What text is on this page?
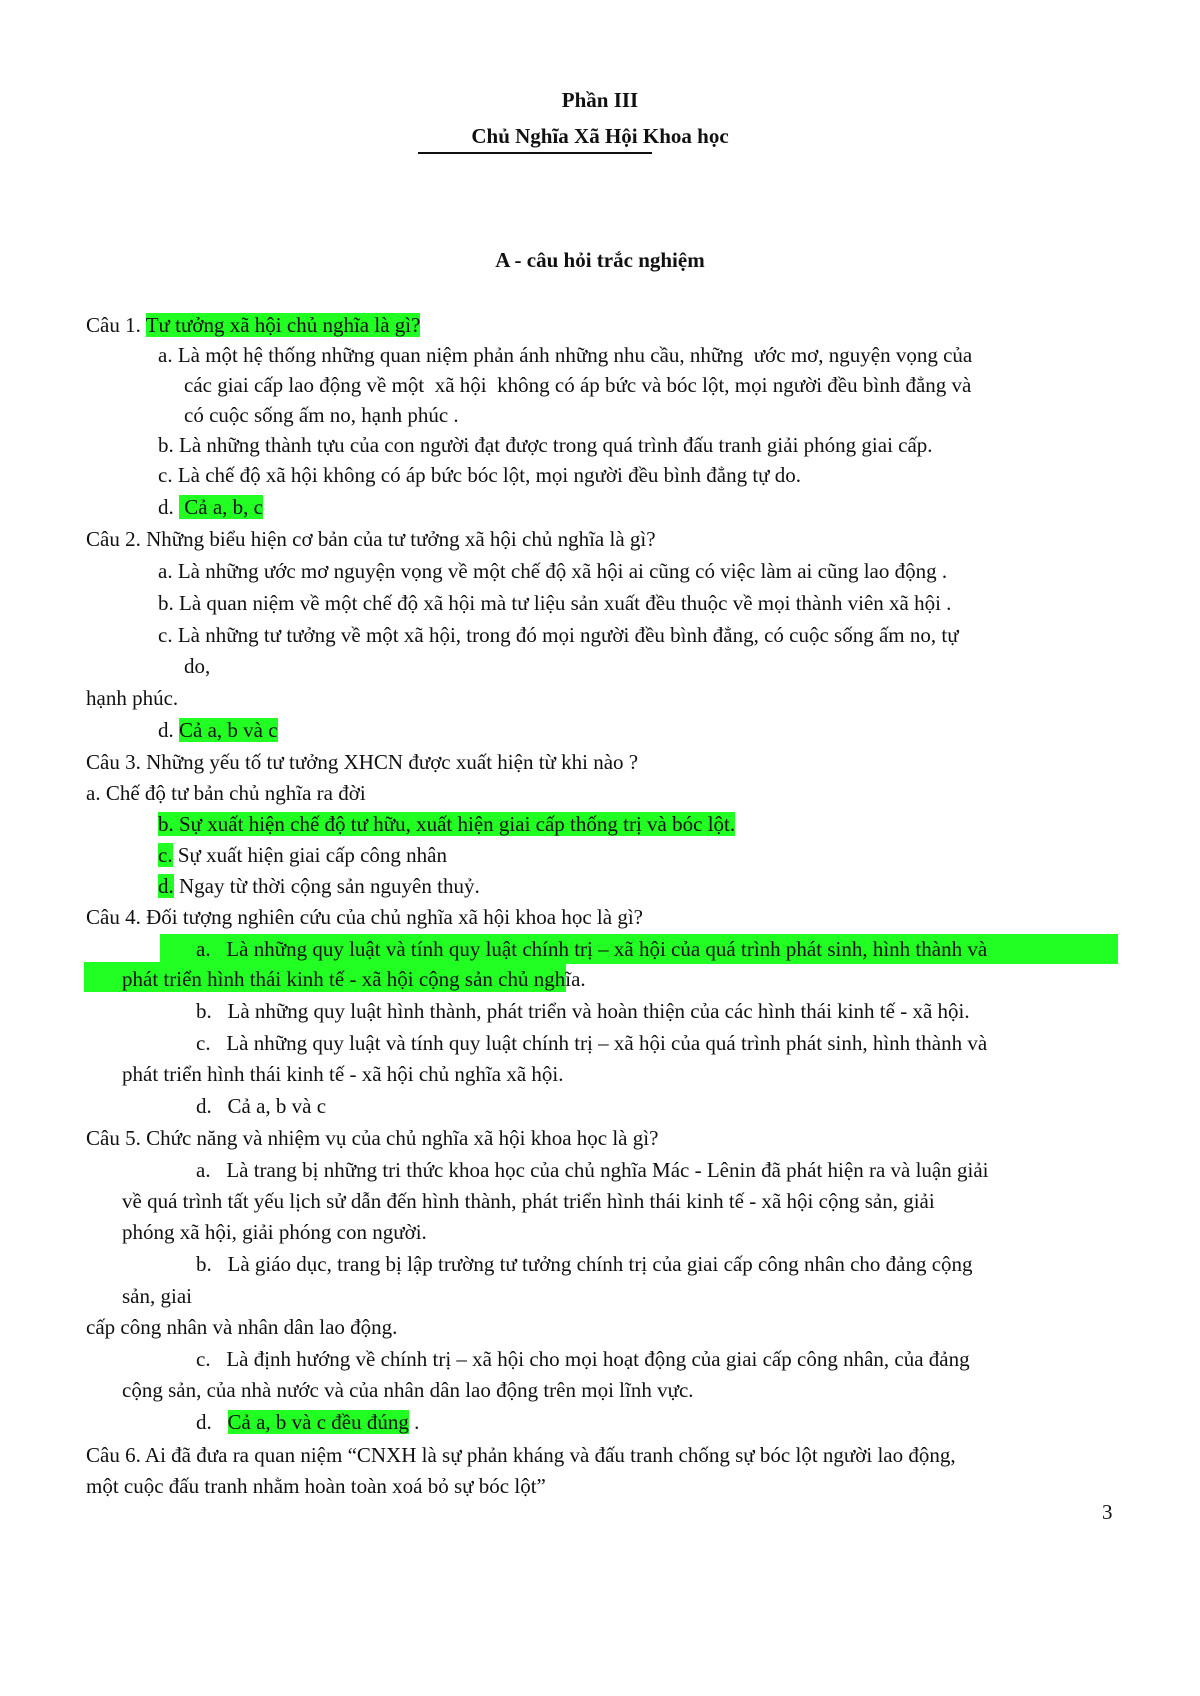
Phần III
Chủ Nghĩa Xã Hội Khoa học
A - câu hỏi trắc nghiệm
Câu 1. Tư tưởng xã hội chủ nghĩa là gì?
a. Là một hệ thống những quan niệm phản ánh những nhu cầu, những  ước mơ, nguyện vọng của
các giai cấp lao động về một  xã hội  không có áp bức và bóc lột, mọi người đều bình đẳng và
có cuộc sống ấm no, hạnh phúc .
b. Là những thành tựu của con người đạt được trong quá trình đấu tranh giải phóng giai cấp.
c. Là chế độ xã hội không có áp bức bóc lột, mọi người đều bình đẳng tự do.
d.  Cả a, b, c
Câu 2. Những biểu hiện cơ bản của tư tưởng xã hội chủ nghĩa là gì?
a. Là những ước mơ nguyện vọng về một chế độ xã hội ai cũng có việc làm ai cũng lao động .
b. Là quan niệm về một chế độ xã hội mà tư liệu sản xuất đều thuộc về mọi thành viên xã hội .
c. Là những tư tưởng về một xã hội, trong đó mọi người đều bình đẳng, có cuộc sống ấm no, tự
do,
hạnh phúc.
d. Cả a, b và c
Câu 3. Những yếu tố tư tưởng XHCN được xuất hiện từ khi nào ?
a. Chế độ tư bản chủ nghĩa ra đời
b. Sự xuất hiện chế độ tư hữu, xuất hiện giai cấp thống trị và bóc lột.
c. Sự xuất hiện giai cấp công nhân
d. Ngay từ thời cộng sản nguyên thuỷ.
Câu 4. Đối tượng nghiên cứu của chủ nghĩa xã hội khoa học là gì?
a.   Là những quy luật và tính quy luật chính trị – xã hội của quá trình phát sinh, hình thành và
phát triển hình thái kinh tế - xã hội cộng sản chủ nghĩa.
b.   Là những quy luật hình thành, phát triển và hoàn thiện của các hình thái kinh tế - xã hội.
c.   Là những quy luật và tính quy luật chính trị – xã hội của quá trình phát sinh, hình thành và
phát triển hình thái kinh tế - xã hội chủ nghĩa xã hội.
d.   Cả a, b và c
Câu 5. Chức năng và nhiệm vụ của chủ nghĩa xã hội khoa học là gì?
a.   Là trang bị những tri thức khoa học của chủ nghĩa Mác - Lênin đã phát hiện ra và luận giải
về quá trình tất yếu lịch sử dẫn đến hình thành, phát triển hình thái kinh tế - xã hội cộng sản, giải
phóng xã hội, giải phóng con người.
b.   Là giáo dục, trang bị lập trường tư tưởng chính trị của giai cấp công nhân cho đảng cộng
sản, giai
cấp công nhân và nhân dân lao động.
c.   Là định hướng về chính trị – xã hội cho mọi hoạt động của giai cấp công nhân, của đảng
cộng sản, của nhà nước và của nhân dân lao động trên mọi lĩnh vực.
d.   Cả a, b và c đều đúng .
Câu 6. Ai đã đưa ra quan niệm “CNXH là sự phản kháng và đấu tranh chống sự bóc lột người lao động,
một cuộc đấu tranh nhằm hoàn toàn xoá bỏ sự bóc lột”
3
